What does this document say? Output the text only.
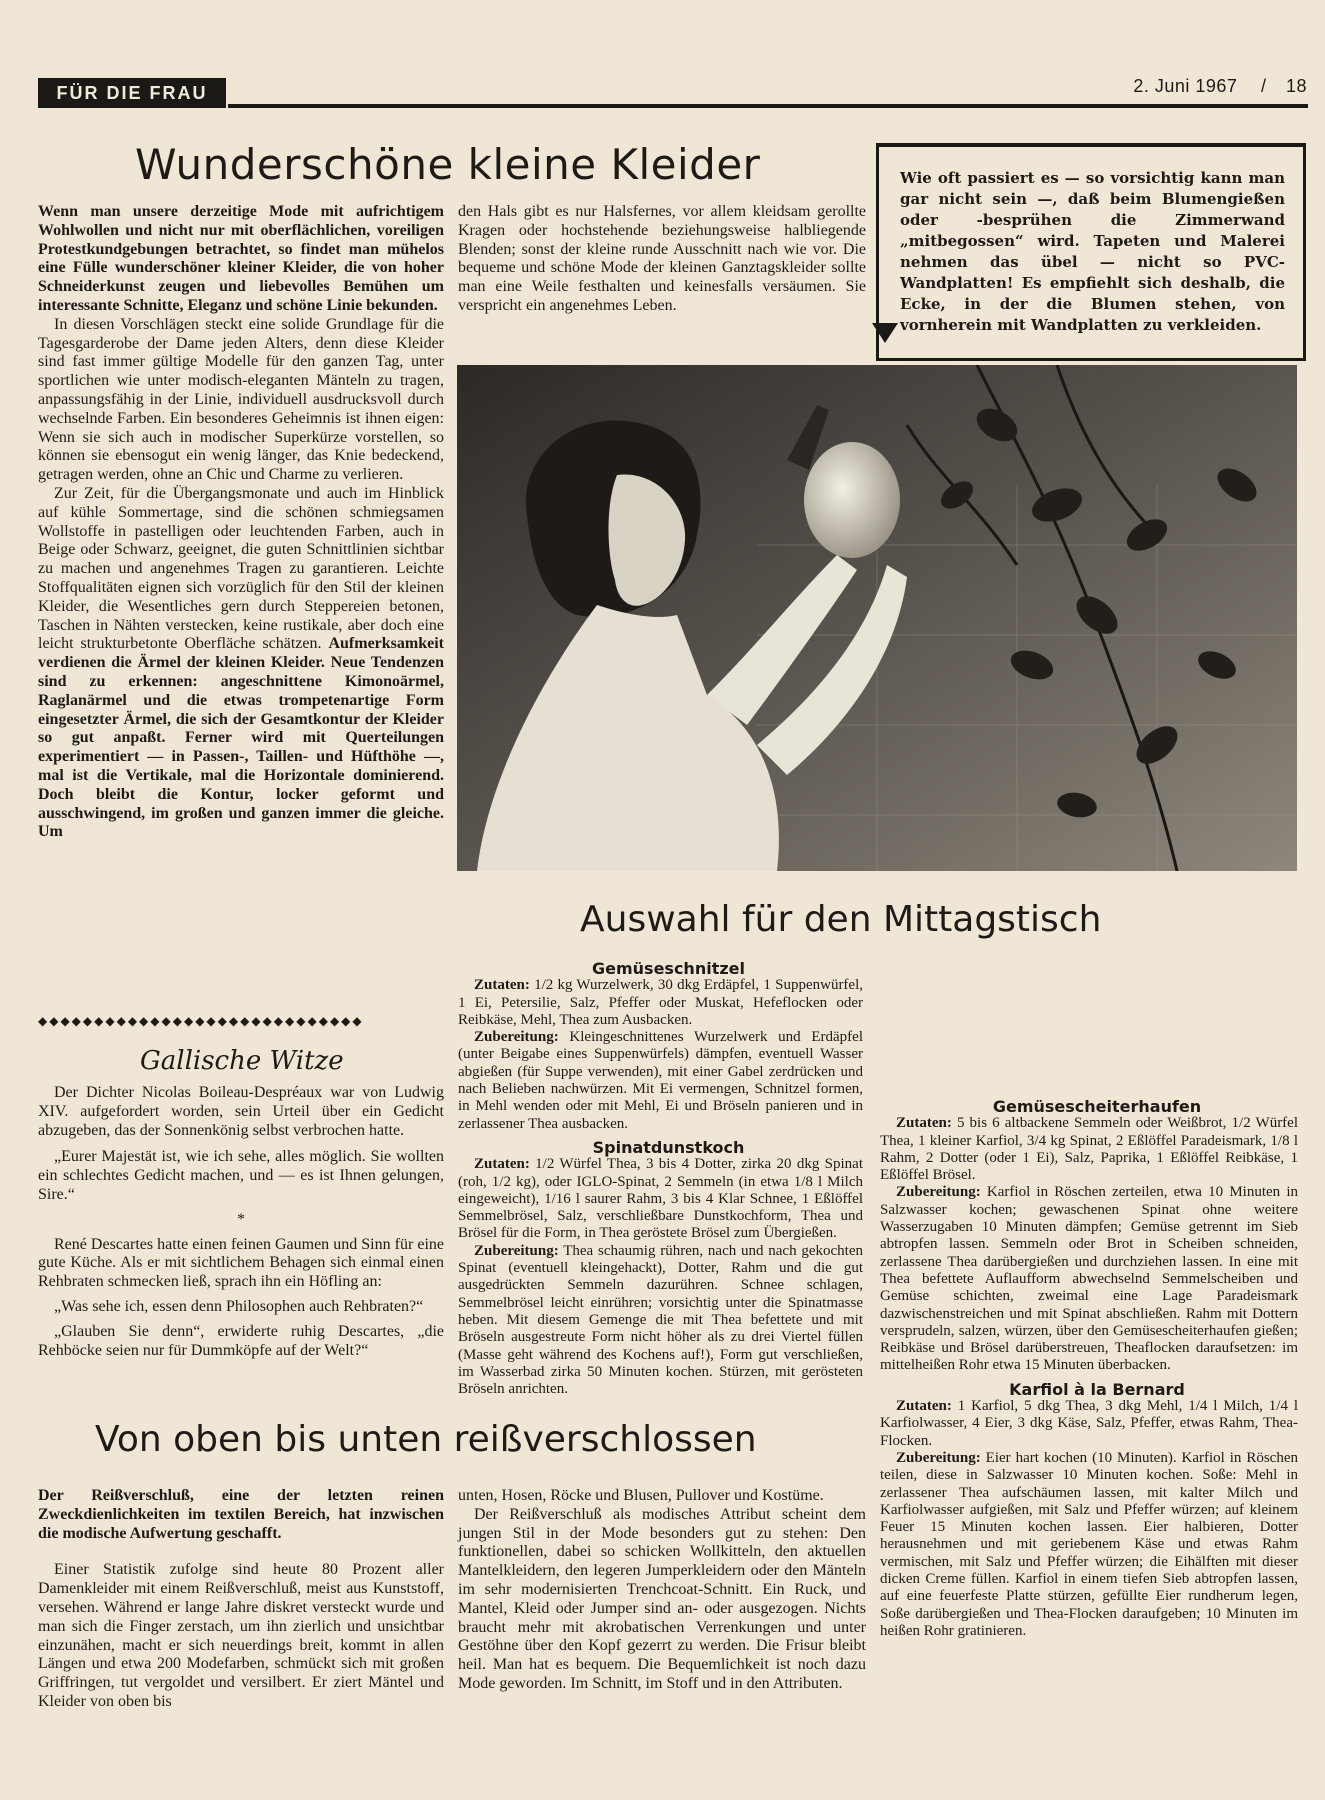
FÜR DIE FRAU	2. Juni 1967 / 18
Wunderschöne kleine Kleider

Wenn man unsere derzeitige Mode mit aufrichtigem Wohlwollen und nicht nur mit oberflächlichen, voreiligen Protestkundgebungen betrachtet, so findet man mühelos eine Fülle wunderschöner kleiner Kleider, die von hoher Schneiderkunst zeugen und liebevolles Bemühen um interessante Schnitte, Eleganz und schöne Linie bekunden.

In diesen Vorschlägen steckt eine solide Grundlage für die Tagesgarderobe der Dame jeden Alters, denn diese Kleider sind fast immer gültige Modelle für den ganzen Tag, unter sportlichen wie unter modisch-eleganten Mänteln zu tragen, anpassungsfähig in der Linie, individuell ausdrucksvoll durch wechselnde Farben. Ein besonderes Geheimnis ist ihnen eigen: Wenn sie sich auch in modischer Superkürze vorstellen, so können sie ebensogut ein wenig länger, das Knie bedeckend, getragen werden, ohne an Chic und Charme zu verlieren.

Zur Zeit, für die Übergangsmonate und auch im Hinblick auf kühle Sommertage, sind die schönen schmiegsamen Wollstoffe in pastelligen oder leuchtenden Farben, auch in Beige oder Schwarz, geeignet, die guten Schnittlinien sichtbar zu machen und angenehmes Tragen zu garantieren. Leichte Stoffqualitäten eignen sich vorzüglich für den Stil der kleinen Kleider, die Wesentliches gern durch Steppereien betonen, Taschen in Nähten verstecken, keine rustikale, aber doch eine leicht strukturbetonte Oberfläche schätzen. Aufmerksamkeit verdienen die Ärmel der kleinen Kleider. Neue Tendenzen sind zu erkennen: angeschnittene Kimonoärmel, Raglanärmel und die etwas trompetenartige Form eingesetzter Ärmel, die sich der Gesamtkontur der Kleider so gut anpaßt. Ferner wird mit Querteilungen experimentiert — in Passen-, Taillen- und Hüfthöhe —, mal ist die Vertikale, mal die Horizontale dominierend. Doch bleibt die Kontur, locker geformt und ausschwingend, im großen und ganzen immer die gleiche. Um

den Hals gibt es nur Halsfernes, vor allem kleidsam gerollte Kragen oder hochstehende beziehungsweise halbliegende Blenden; sonst der kleine runde Ausschnitt nach wie vor. Die bequeme und schöne Mode der kleinen Ganztagskleider sollte man eine Weile festhalten und keinesfalls versäumen. Sie verspricht ein angenehmes Leben.

Wie oft passiert es — so vorsichtig kann man gar nicht sein —, daß beim Blumengießen oder -besprühen die Zimmerwand „mitbegossen“ wird. Tapeten und Malerei nehmen das übel — nicht so PVC-Wandplatten! Es empfiehlt sich deshalb, die Ecke, in der die Blumen stehen, von vornherein mit Wandplatten zu verkleiden.
◆◆◆◆◆◆◆◆◆◆◆◆◆◆◆◆◆◆◆◆◆◆◆◆◆◆◆◆◆
Gallische Witze

Der Dichter Nicolas Boileau-Despréaux war von Ludwig XIV. aufgefordert worden, sein Urteil über ein Gedicht abzugeben, das der Sonnenkönig selbst verbrochen hatte.

„Eurer Majestät ist, wie ich sehe, alles möglich. Sie wollten ein schlechtes Gedicht machen, und — es ist Ihnen gelungen, Sire.“

*

René Descartes hatte einen feinen Gaumen und Sinn für eine gute Küche. Als er mit sichtlichem Behagen sich einmal einen Rehbraten schmecken ließ, sprach ihn ein Höfling an:

„Was sehe ich, essen denn Philosophen auch Rehbraten?“

„Glauben Sie denn“, erwiderte ruhig Descartes, „die Rehböcke seien nur für Dummköpfe auf der Welt?“

Auswahl für den Mittagstisch

Gemüseschnitzel

Zutaten: 1/2 kg Wurzelwerk, 30 dkg Erdäpfel, 1 Suppenwürfel, 1 Ei, Petersilie, Salz, Pfeffer oder Muskat, Hefeflocken oder Reibkäse, Mehl, Thea zum Ausbacken.

Zubereitung: Kleingeschnittenes Wurzelwerk und Erdäpfel (unter Beigabe eines Suppenwürfels) dämpfen, eventuell Wasser abgießen (für Suppe verwenden), mit einer Gabel zerdrücken und nach Belieben nachwürzen. Mit Ei vermengen, Schnitzel formen, in Mehl wenden oder mit Mehl, Ei und Bröseln panieren und in zerlassener Thea ausbacken.

Spinatdunstkoch

Zutaten: 1/2 Würfel Thea, 3 bis 4 Dotter, zirka 20 dkg Spinat (roh, 1/2 kg), oder IGLO-Spinat, 2 Semmeln (in etwa 1/8 l Milch eingeweicht), 1/16 l saurer Rahm, 3 bis 4 Klar Schnee, 1 Eßlöffel Semmelbrösel, Salz, verschließbare Dunstkochform, Thea und Brösel für die Form, in Thea geröstete Brösel zum Übergießen.

Zubereitung: Thea schaumig rühren, nach und nach gekochten Spinat (eventuell kleingehackt), Dotter, Rahm und die gut ausgedrückten Semmeln dazurühren. Schnee schlagen, Semmelbrösel leicht einrühren; vorsichtig unter die Spinatmasse heben. Mit diesem Gemenge die mit Thea befettete und mit Bröseln ausgestreute Form nicht höher als zu drei Viertel füllen (Masse geht während des Kochens auf!), Form gut verschließen, im Wasserbad zirka 50 Minuten kochen. Stürzen, mit gerösteten Bröseln anrichten.

Gemüsescheiterhaufen

Zutaten: 5 bis 6 altbackene Semmeln oder Weißbrot, 1/2 Würfel Thea, 1 kleiner Karfiol, 3/4 kg Spinat, 2 Eßlöffel Paradeismark, 1/8 l Rahm, 2 Dotter (oder 1 Ei), Salz, Paprika, 1 Eßlöffel Reibkäse, 1 Eßlöffel Brösel.

Zubereitung: Karfiol in Röschen zerteilen, etwa 10 Minuten in Salzwasser kochen; gewaschenen Spinat ohne weitere Wasserzugaben 10 Minuten dämpfen; Gemüse getrennt im Sieb abtropfen lassen. Semmeln oder Brot in Scheiben schneiden, zerlassene Thea darübergießen und durchziehen lassen. In eine mit Thea befettete Auflaufform abwechselnd Semmelscheiben und Gemüse schichten, zweimal eine Lage Paradeismark dazwischenstreichen und mit Spinat abschließen. Rahm mit Dottern versprudeln, salzen, würzen, über den Gemüsescheiterhaufen gießen; Reibkäse und Brösel darüberstreuen, Theaflocken daraufsetzen: im mittelheißen Rohr etwa 15 Minuten überbacken.

Karfiol à la Bernard

Zutaten: 1 Karfiol, 5 dkg Thea, 3 dkg Mehl, 1/4 l Milch, 1/4 l Karfiolwasser, 4 Eier, 3 dkg Käse, Salz, Pfeffer, etwas Rahm, Thea-Flocken.

Zubereitung: Eier hart kochen (10 Minuten). Karfiol in Röschen teilen, diese in Salzwasser 10 Minuten kochen. Soße: Mehl in zerlassener Thea aufschäumen lassen, mit kalter Milch und Karfiolwasser aufgießen, mit Salz und Pfeffer würzen; auf kleinem Feuer 15 Minuten kochen lassen. Eier halbieren, Dotter herausnehmen und mit geriebenem Käse und etwas Rahm vermischen, mit Salz und Pfeffer würzen; die Eihälften mit dieser dicken Creme füllen. Karfiol in einem tiefen Sieb abtropfen lassen, auf eine feuerfeste Platte stürzen, gefüllte Eier rundherum legen, Soße darübergießen und Thea-Flocken daraufgeben; 10 Minuten im heißen Rohr gratinieren.

Von oben bis unten reißverschlossen

Der Reißverschluß, eine der letzten reinen Zweckdienlichkeiten im textilen Bereich, hat inzwischen die modische Aufwertung geschafft.

Einer Statistik zufolge sind heute 80 Prozent aller Damenkleider mit einem Reißverschluß, meist aus Kunststoff, versehen. Während er lange Jahre diskret versteckt wurde und man sich die Finger zerstach, um ihn zierlich und unsichtbar einzunähen, macht er sich neuerdings breit, kommt in allen Längen und etwa 200 Modefarben, schmückt sich mit großen Griffringen, tut vergoldet und versilbert. Er ziert Mäntel und Kleider von oben bis

unten, Hosen, Röcke und Blusen, Pullover und Kostüme.

Der Reißverschluß als modisches Attribut scheint dem jungen Stil in der Mode besonders gut zu stehen: Den funktionellen, dabei so schicken Wollkitteln, den aktuellen Mantelkleidern, den legeren Jumperkleidern oder den Mänteln im sehr modernisierten Trenchcoat-Schnitt. Ein Ruck, und Mantel, Kleid oder Jumper sind an- oder ausgezogen. Nichts braucht mehr mit akrobatischen Verrenkungen und unter Gestöhne über den Kopf gezerrt zu werden. Die Frisur bleibt heil. Man hat es bequem. Die Bequemlichkeit ist noch dazu Mode geworden. Im Schnitt, im Stoff und in den Attributen.
